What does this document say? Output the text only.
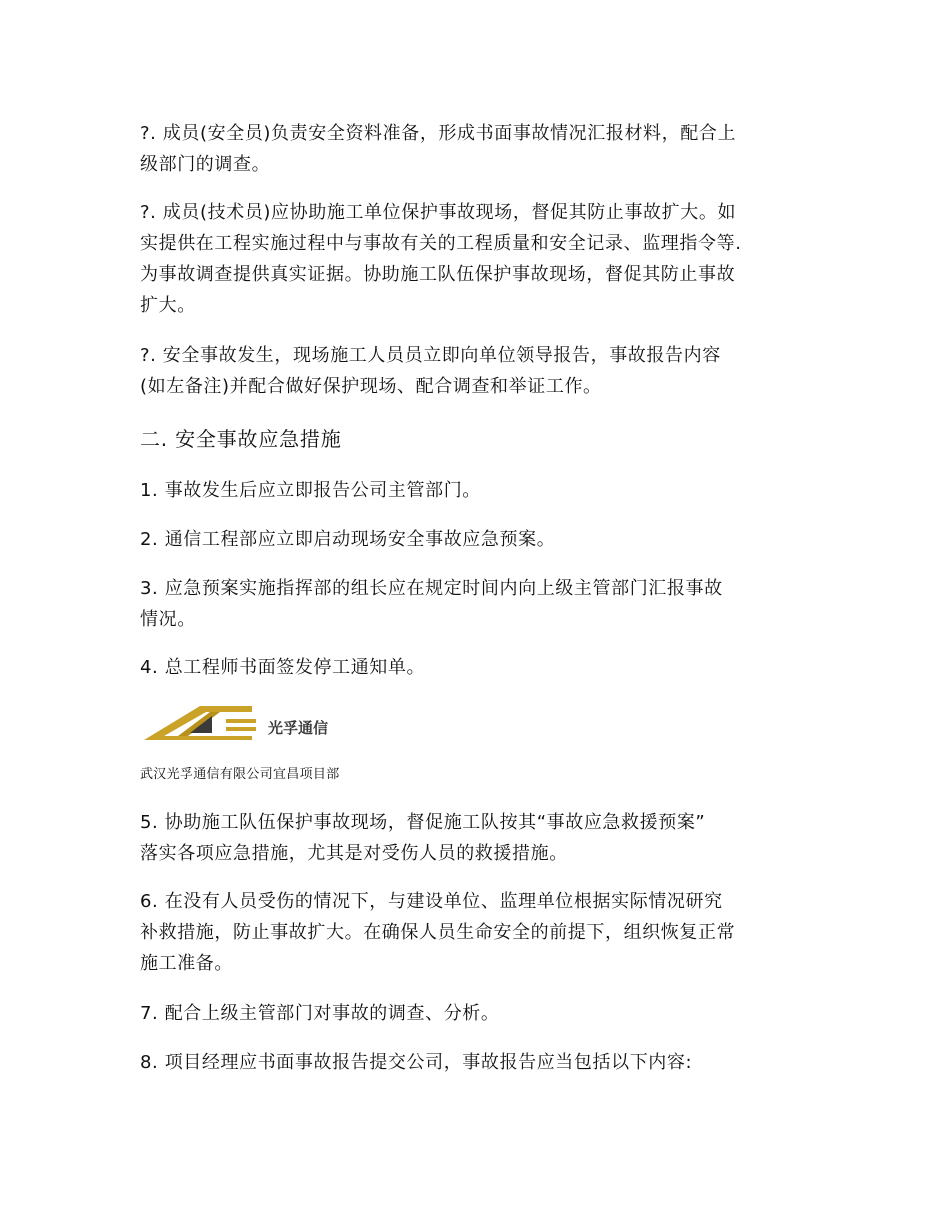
?. 成员(安全员)负责安全资料准备，形成书面事故情况汇报材料，配合上
级部门的调查。

?. 成员(技术员)应协助施工单位保护事故现场，督促其防止事故扩大。如
实提供在工程实施过程中与事故有关的工程质量和安全记录、监理指令等.
为事故调查提供真实证据。协助施工队伍保护事故现场，督促其防止事故
扩大。

?. 安全事故发生，现场施工人员员立即向单位领导报告，事故报告内容
(如左备注)并配合做好保护现场、配合调查和举证工作。

二. 安全事故应急措施

1. 事故发生后应立即报告公司主管部门。

2. 通信工程部应立即启动现场安全事故应急预案。

3. 应急预案实施指挥部的组长应在规定时间内向上级主管部门汇报事故
情况。

4. 总工程师书面签发停工通知单。

光孚通信
武汉光孚通信有限公司宜昌项目部

5. 协助施工队伍保护事故现场，督促施工队按其“事故应急救援预案”
落实各项应急措施，尤其是对受伤人员的救援措施。

6. 在没有人员受伤的情况下，与建设单位、监理单位根据实际情况研究
补救措施，防止事故扩大。在确保人员生命安全的前提下，组织恢复正常
施工准备。

7. 配合上级主管部门对事故的调查、分析。

8. 项目经理应书面事故报告提交公司，事故报告应当包括以下内容:
